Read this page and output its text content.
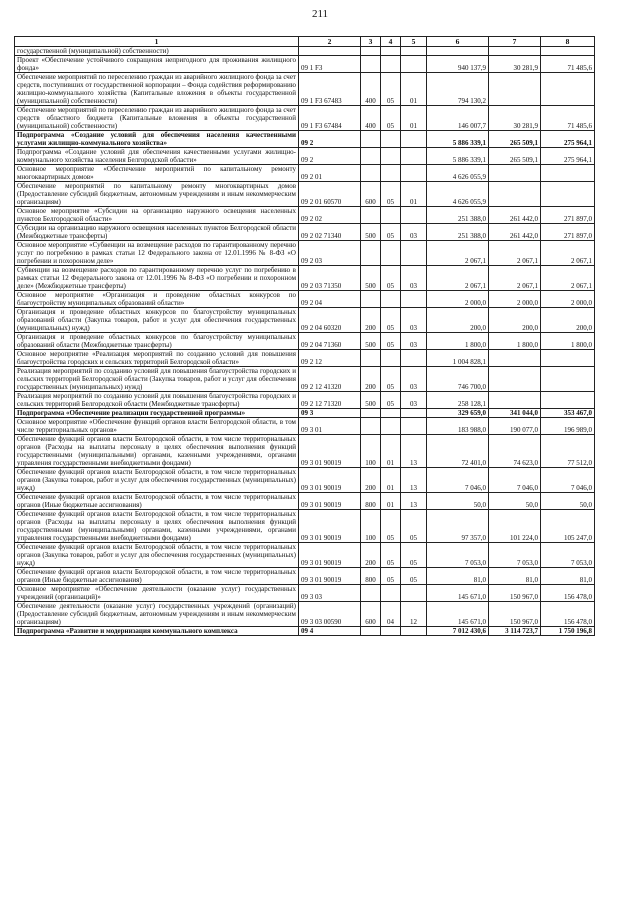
211
1	2	3	4	5	6	7	8
государственной (муниципальной) собственности)							
Проект «Обеспечение устойчивого сокращения непригодного для проживания жилищного фонда»	09 1 F3				940 137,9	30 281,9	71 485,6
Обеспечение мероприятий по переселению граждан из аварийного жилищного фонда за счет средств, поступивших от государственной корпорации – Фонда содействия реформированию жилищно-коммунального хозяйства (Капитальные вложения в объекты государственной (муниципальной) собственности)	09 1 F3 67483	400	05	01	794 130,2		
Обеспечение мероприятий по переселению граждан из аварийного жилищного фонда за счет средств областного бюджета (Капитальные вложения в объекты государственной (муниципальной) собственности)	09 1 F3 67484	400	05	01	146 007,7	30 281,9	71 485,6
Подпрограмма «Создание условий для обеспечения населения качественными услугами жилищно-коммунального хозяйства»	09 2				5 886 339,1	265 509,1	275 964,1
Подпрограмма «Создание условий для обеспечения качественными услугами жилищно-коммунального хозяйства населения Белгородской области»	09 2				5 886 339,1	265 509,1	275 964,1
Основное мероприятие «Обеспечение мероприятий по капитальному ремонту многоквартирных домов»	09 2 01				4 626 055,9		
Обеспечение мероприятий по капитальному ремонту многоквартирных домов (Предоставление субсидий бюджетным, автономным учреждениям и иным некоммерческим организациям)	09 2 01 60570	600	05	01	4 626 055,9		
Основное мероприятие «Субсидии на организацию наружного освещения населенных пунктов Белгородской области»	09 2 02				251 388,0	261 442,0	271 897,0
Субсидии на организацию наружного освещения населенных пунктов Белгородской области (Межбюджетные трансферты)	09 2 02 71340	500	05	03	251 388,0	261 442,0	271 897,0
Основное мероприятие «Субвенции на возмещение расходов по гарантированному перечню услуг по погребению в рамках статьи 12 Федерального закона от 12.01.1996 № 8-ФЗ «О погребении и похоронном деле»	09 2 03				2 067,1	2 067,1	2 067,1
Субвенции на возмещение расходов по гарантированному перечню услуг по погребению в рамках статьи 12 Федерального закона от 12.01.1996 № 8-ФЗ «О погребении и похоронном деле» (Межбюджетные трансферты)	09 2 03 71350	500	05	03	2 067,1	2 067,1	2 067,1
Основное мероприятие «Организация и проведение областных конкурсов по благоустройству муниципальных образований области»	09 2 04				2 000,0	2 000,0	2 000,0
Организация и проведение областных конкурсов по благоустройству муниципальных образований области (Закупка товаров, работ и услуг для обеспечения государственных (муниципальных) нужд)	09 2 04 60320	200	05	03	200,0	200,0	200,0
Организация и проведение областных конкурсов по благоустройству муниципальных образований области (Межбюджетные трансферты)	09 2 04 71360	500	05	03	1 800,0	1 800,0	1 800,0
Основное мероприятие «Реализация мероприятий по созданию условий для повышения благоустройства городских и сельских территорий Белгородской области»	09 2 12				1 004 828,1		
Реализация мероприятий по созданию условий для повышения благоустройства городских и сельских территорий Белгородской области (Закупка товаров, работ и услуг для обеспечения государственных (муниципальных) нужд)	09 2 12 41320	200	05	03	746 700,0		
Реализация мероприятий по созданию условий для повышения благоустройства городских и сельских территорий Белгородской области (Межбюджетные трансферты)	09 2 12 71320	500	05	03	258 128,1		
Подпрограмма «Обеспечение реализации государственной программы»	09 3				329 659,0	341 044,0	353 467,0
Основное мероприятие «Обеспечение функций органов власти Белгородской области, в том числе территориальных органов»	09 3 01				183 988,0	190 077,0	196 989,0
Обеспечение функций органов власти Белгородской области, в том числе территориальных органов (Расходы на выплаты персоналу в целях обеспечения выполнения функций государственными (муниципальными) органами, казенными учреждениями, органами управления государственными внебюджетными фондами)	09 3 01 90019	100	01	13	72 401,0	74 623,0	77 512,0
Обеспечение функций органов власти Белгородской области, в том числе территориальных органов (Закупка товаров, работ и услуг для обеспечения государственных (муниципальных) нужд)	09 3 01 90019	200	01	13	7 046,0	7 046,0	7 046,0
Обеспечение функций органов власти Белгородской области, в том числе территориальных органов (Иные бюджетные ассигнования)	09 3 01 90019	800	01	13	50,0	50,0	50,0
Обеспечение функций органов власти Белгородской области, в том числе территориальных органов (Расходы на выплаты персоналу в целях обеспечения выполнения функций государственными (муниципальными) органами, казенными учреждениями, органами управления государственными внебюджетными фондами)	09 3 01 90019	100	05	05	97 357,0	101 224,0	105 247,0
Обеспечение функций органов власти Белгородской области, в том числе территориальных органов (Закупка товаров, работ и услуг для обеспечения государственных (муниципальных) нужд)	09 3 01 90019	200	05	05	7 053,0	7 053,0	7 053,0
Обеспечение функций органов власти Белгородской области, в том числе территориальных органов (Иные бюджетные ассигнования)	09 3 01 90019	800	05	05	81,0	81,0	81,0
Основное мероприятие «Обеспечение деятельности (оказание услуг) государственных учреждений (организаций)»	09 3 03				145 671,0	150 967,0	156 478,0
Обеспечение деятельности (оказание услуг) государственных учреждений (организаций) (Предоставление субсидий бюджетным, автономным учреждениям и иным некоммерческим организациям)	09 3 03 00590	600	04	12	145 671,0	150 967,0	156 478,0
Подпрограмма «Развитие и модернизация коммунального комплекса	09 4				7 012 430,6	3 114 723,7	1 750 196,8
